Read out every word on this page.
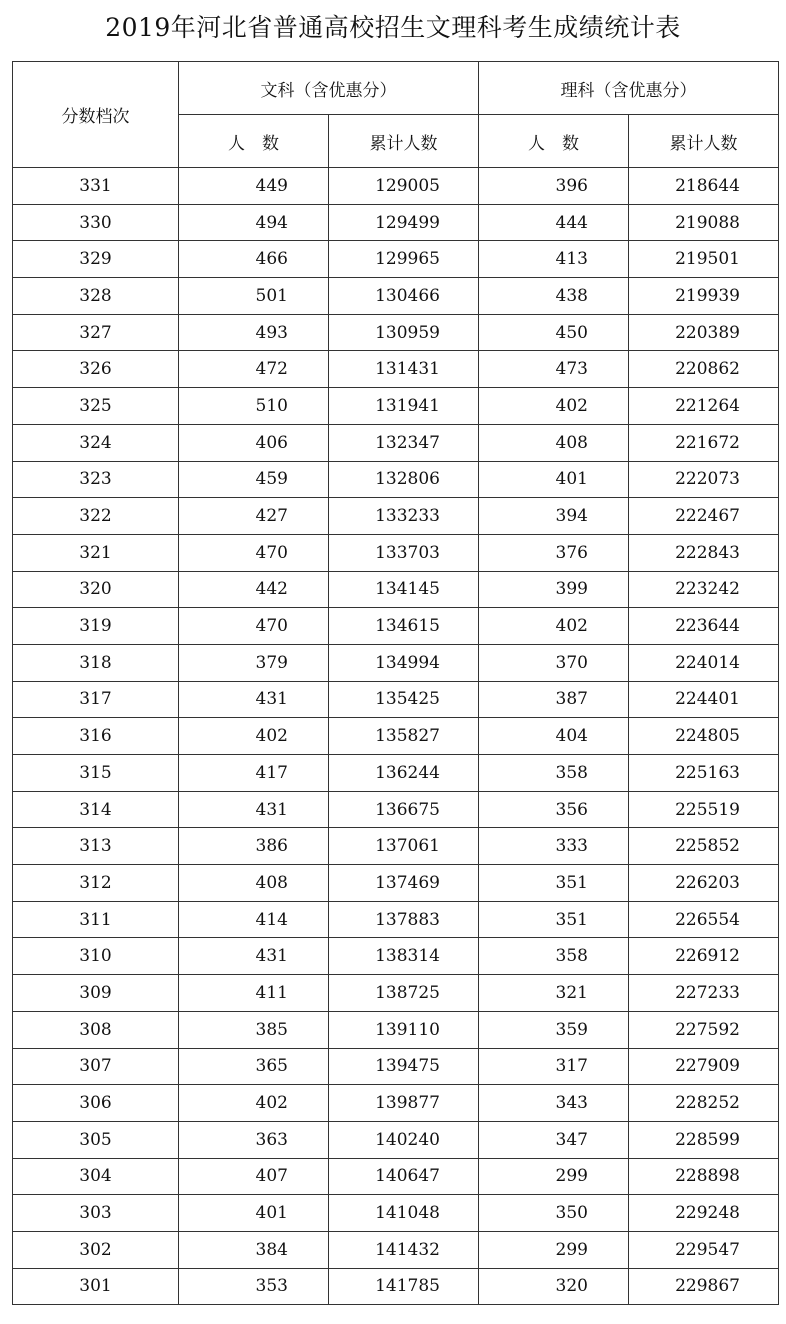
2019年河北省普通高校招生文理科考生成绩统计表
分数档次	文科（含优惠分）		理科（含优惠分）	
	人　数	累计人数	人　数	累计人数
331	449	129005	396	218644
330	494	129499	444	219088
329	466	129965	413	219501
328	501	130466	438	219939
327	493	130959	450	220389
326	472	131431	473	220862
325	510	131941	402	221264
324	406	132347	408	221672
323	459	132806	401	222073
322	427	133233	394	222467
321	470	133703	376	222843
320	442	134145	399	223242
319	470	134615	402	223644
318	379	134994	370	224014
317	431	135425	387	224401
316	402	135827	404	224805
315	417	136244	358	225163
314	431	136675	356	225519
313	386	137061	333	225852
312	408	137469	351	226203
311	414	137883	351	226554
310	431	138314	358	226912
309	411	138725	321	227233
308	385	139110	359	227592
307	365	139475	317	227909
306	402	139877	343	228252
305	363	140240	347	228599
304	407	140647	299	228898
303	401	141048	350	229248
302	384	141432	299	229547
301	353	141785	320	229867
